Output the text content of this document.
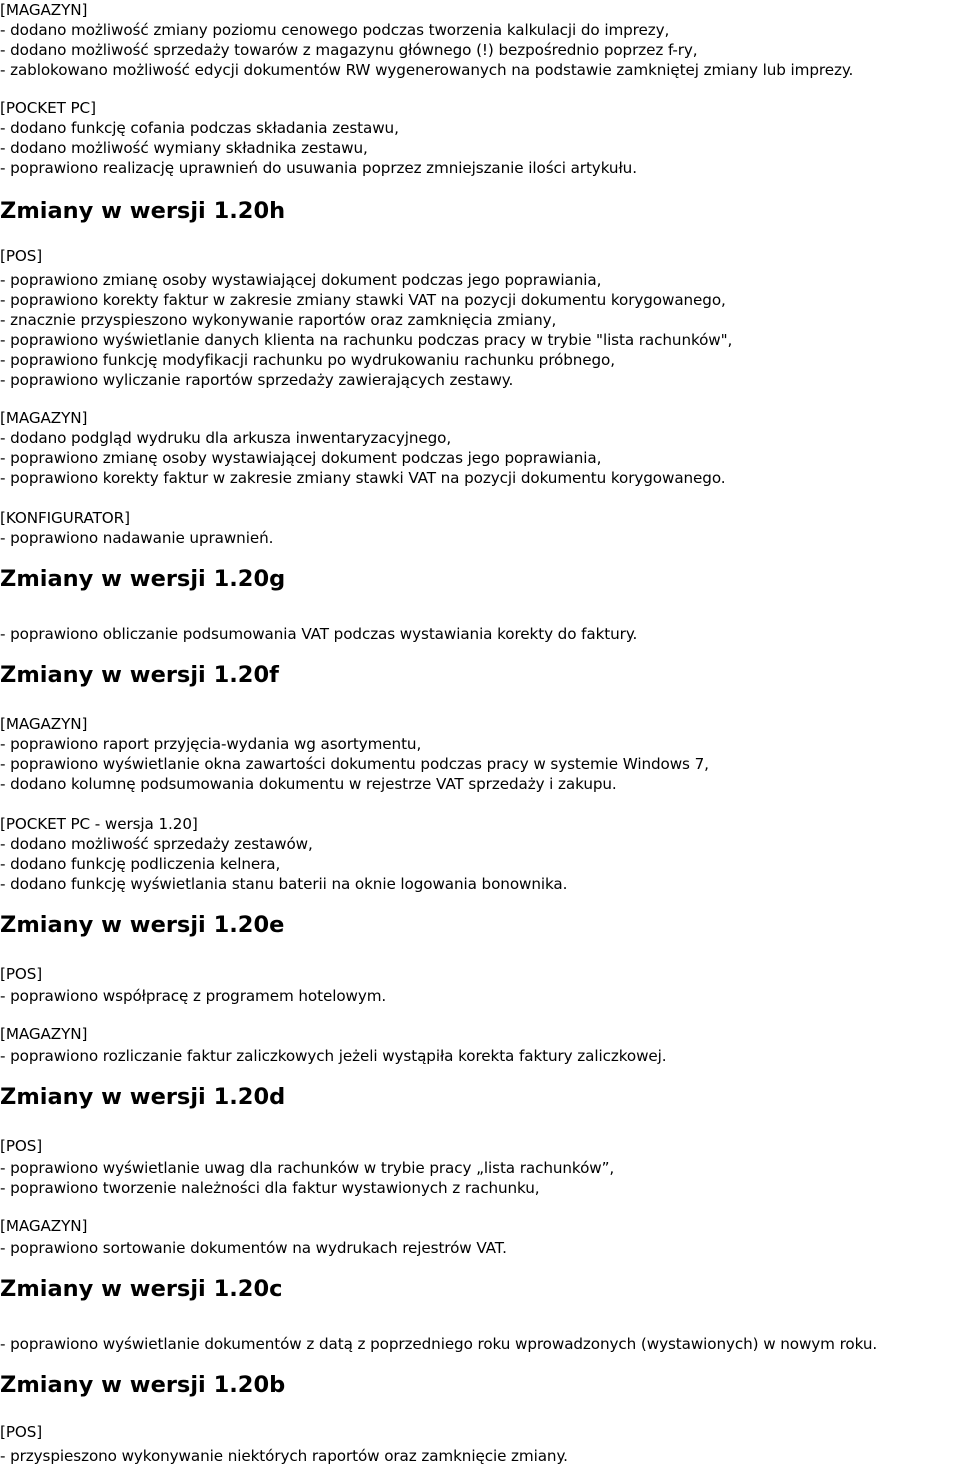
[MAGAZYN]
- dodano możliwość zmiany poziomu cenowego podczas tworzenia kalkulacji do imprezy,
- dodano możliwość sprzedaży towarów z magazynu głównego (!) bezpośrednio poprzez f-ry,
- zablokowano możliwość edycji dokumentów RW wygenerowanych na podstawie zamkniętej zmiany lub imprezy.
[POCKET PC]
- dodano funkcję cofania podczas składania zestawu,
- dodano możliwość wymiany składnika zestawu,
- poprawiono realizację uprawnień do usuwania poprzez zmniejszanie ilości artykułu.
Zmiany w wersji 1.20h
[POS]
- poprawiono zmianę osoby wystawiającej dokument podczas jego poprawiania,
- poprawiono korekty faktur w zakresie zmiany stawki VAT na pozycji dokumentu korygowanego,
- znacznie przyspieszono wykonywanie raportów oraz zamknięcia zmiany,
- poprawiono wyświetlanie danych klienta na rachunku podczas pracy w trybie "lista rachunków",
- poprawiono funkcję modyfikacji rachunku po wydrukowaniu rachunku próbnego,
- poprawiono wyliczanie raportów sprzedaży zawierających zestawy.
[MAGAZYN]
- dodano podgląd wydruku dla arkusza inwentaryzacyjnego,
- poprawiono zmianę osoby wystawiającej dokument podczas jego poprawiania,
- poprawiono korekty faktur w zakresie zmiany stawki VAT na pozycji dokumentu korygowanego.
[KONFIGURATOR]
- poprawiono nadawanie uprawnień.
Zmiany w wersji 1.20g
- poprawiono obliczanie podsumowania VAT podczas wystawiania korekty do faktury.
Zmiany w wersji 1.20f
[MAGAZYN]
- poprawiono raport przyjęcia-wydania wg asortymentu,
- poprawiono wyświetlanie okna zawartości dokumentu podczas pracy w systemie Windows 7,
- dodano kolumnę podsumowania dokumentu w rejestrze VAT sprzedaży i zakupu.
[POCKET PC - wersja 1.20]
- dodano możliwość sprzedaży zestawów,
- dodano funkcję podliczenia kelnera,
- dodano funkcję wyświetlania stanu baterii na oknie logowania bonownika.
Zmiany w wersji 1.20e
[POS]
- poprawiono współpracę z programem hotelowym.
[MAGAZYN]
- poprawiono rozliczanie faktur zaliczkowych jeżeli wystąpiła korekta faktury zaliczkowej.
Zmiany w wersji 1.20d
[POS]
- poprawiono wyświetlanie uwag dla rachunków w trybie pracy „lista rachunków”,
- poprawiono tworzenie należności dla faktur wystawionych z rachunku,
[MAGAZYN]
- poprawiono sortowanie dokumentów na wydrukach rejestrów VAT.
Zmiany w wersji 1.20c
- poprawiono wyświetlanie dokumentów z datą z poprzedniego roku wprowadzonych (wystawionych) w nowym roku.
Zmiany w wersji 1.20b
[POS]
- przyspieszono wykonywanie niektórych raportów oraz zamknięcie zmiany.
